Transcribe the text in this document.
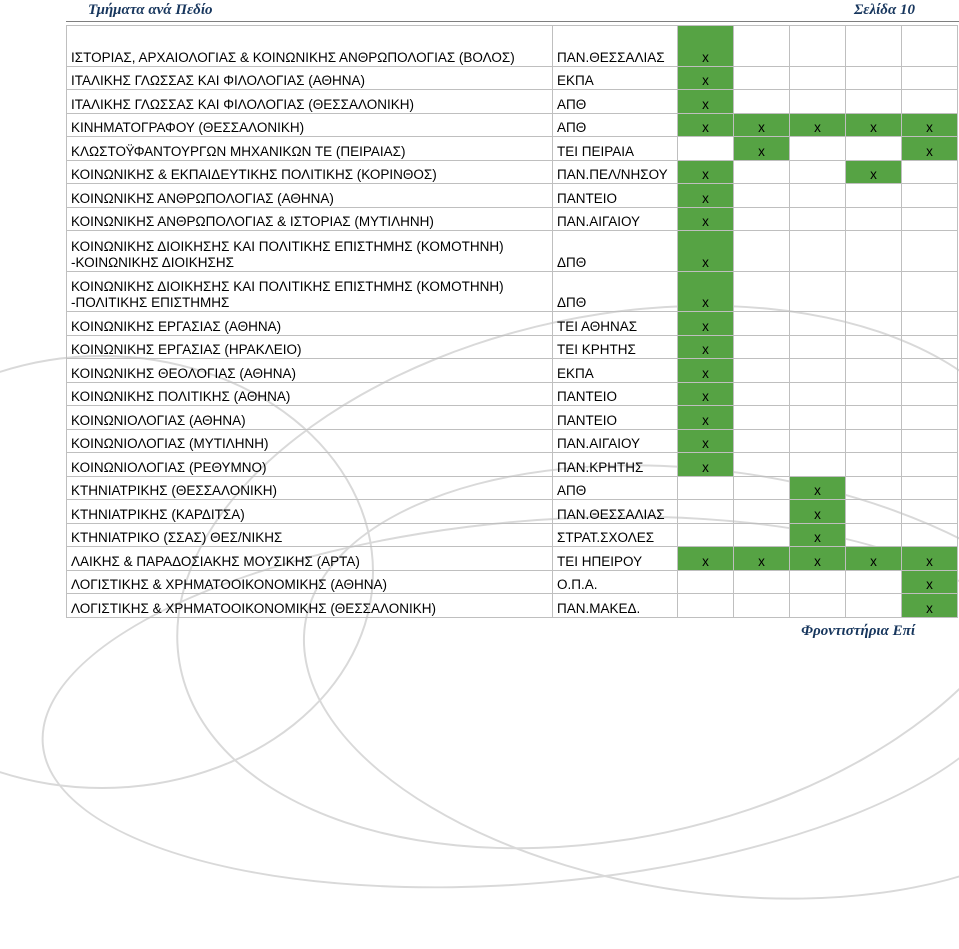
Τμήματα ανά Πεδίο	Σελίδα 10
ΙΣΤΟΡΙΑΣ, ΑΡΧΑΙΟΛΟΓΙΑΣ & ΚΟΙΝΩΝΙΚΗΣ ΑΝΘΡΩΠΟΛΟΓΙΑΣ (ΒΟΛΟΣ)	ΠΑΝ.ΘΕΣΣΑΛΙΑΣ	x				
ΙΤΑΛΙΚΗΣ ΓΛΩΣΣΑΣ ΚΑΙ ΦΙΛΟΛΟΓΙΑΣ (ΑΘΗΝΑ)	ΕΚΠΑ	x				
ΙΤΑΛΙΚΗΣ ΓΛΩΣΣΑΣ ΚΑΙ ΦΙΛΟΛΟΓΙΑΣ (ΘΕΣΣΑΛΟΝΙΚΗ)	ΑΠΘ	x				
ΚΙΝΗΜΑΤΟΓΡΑΦΟΥ (ΘΕΣΣΑΛΟΝΙΚΗ)	ΑΠΘ	x	x	x	x	x
ΚΛΩΣΤΟΫΦΑΝΤΟΥΡΓΩΝ ΜΗΧΑΝΙΚΩΝ ΤΕ (ΠΕΙΡΑΙΑΣ)	ΤΕΙ ΠΕΙΡΑΙΑ		x			x
ΚΟΙΝΩΝΙΚΗΣ & ΕΚΠΑΙΔΕΥΤΙΚΗΣ ΠΟΛΙΤΙΚΗΣ (ΚΟΡΙΝΘΟΣ)	ΠΑΝ.ΠΕΛ/ΝΗΣΟΥ	x			x	
ΚΟΙΝΩΝΙΚΗΣ ΑΝΘΡΩΠΟΛΟΓΙΑΣ (ΑΘΗΝΑ)	ΠΑΝΤΕΙΟ	x				
ΚΟΙΝΩΝΙΚΗΣ ΑΝΘΡΩΠΟΛΟΓΙΑΣ & ΙΣΤΟΡΙΑΣ (ΜΥΤΙΛΗΝΗ)	ΠΑΝ.ΑΙΓΑΙΟΥ	x				
ΚΟΙΝΩΝΙΚΗΣ ΔΙΟΙΚΗΣΗΣ ΚΑΙ ΠΟΛΙΤΙΚΗΣ ΕΠΙΣΤΗΜΗΣ (ΚΟΜΟΤΗΝΗ) -ΚΟΙΝΩΝΙΚΗΣ ΔΙΟΙΚΗΣΗΣ	ΔΠΘ	x				
ΚΟΙΝΩΝΙΚΗΣ ΔΙΟΙΚΗΣΗΣ ΚΑΙ ΠΟΛΙΤΙΚΗΣ ΕΠΙΣΤΗΜΗΣ (ΚΟΜΟΤΗΝΗ) -ΠΟΛΙΤΙΚΗΣ ΕΠΙΣΤΗΜΗΣ	ΔΠΘ	x				
ΚΟΙΝΩΝΙΚΗΣ ΕΡΓΑΣΙΑΣ (ΑΘΗΝΑ)	ΤΕΙ ΑΘΗΝΑΣ	x				
ΚΟΙΝΩΝΙΚΗΣ ΕΡΓΑΣΙΑΣ (ΗΡΑΚΛΕΙΟ)	ΤΕΙ ΚΡΗΤΗΣ	x				
ΚΟΙΝΩΝΙΚΗΣ ΘΕΟΛΟΓΙΑΣ (ΑΘΗΝΑ)	ΕΚΠΑ	x				
ΚΟΙΝΩΝΙΚΗΣ ΠΟΛΙΤΙΚΗΣ (ΑΘΗΝΑ)	ΠΑΝΤΕΙΟ	x				
ΚΟΙΝΩΝΙΟΛΟΓΙΑΣ (ΑΘΗΝΑ)	ΠΑΝΤΕΙΟ	x				
ΚΟΙΝΩΝΙΟΛΟΓΙΑΣ (ΜΥΤΙΛΗΝΗ)	ΠΑΝ.ΑΙΓΑΙΟΥ	x				
ΚΟΙΝΩΝΙΟΛΟΓΙΑΣ (ΡΕΘΥΜΝΟ)	ΠΑΝ.ΚΡΗΤΗΣ	x				
ΚΤΗΝΙΑΤΡΙΚΗΣ (ΘΕΣΣΑΛΟΝΙΚΗ)	ΑΠΘ			x		
ΚΤΗΝΙΑΤΡΙΚΗΣ (ΚΑΡΔΙΤΣΑ)	ΠΑΝ.ΘΕΣΣΑΛΙΑΣ			x		
ΚΤΗΝΙΑΤΡΙΚΟ (ΣΣΑΣ) ΘΕΣ/ΝΙΚΗΣ	ΣΤΡΑΤ.ΣΧΟΛΕΣ			x		
ΛΑΙΚΗΣ & ΠΑΡΑΔΟΣΙΑΚΗΣ ΜΟΥΣΙΚΗΣ (ΑΡΤΑ)	ΤΕΙ ΗΠΕΙΡΟΥ	x	x	x	x	x
ΛΟΓΙΣΤΙΚΗΣ & ΧΡΗΜΑΤΟΟΙΚΟΝΟΜΙΚΗΣ (ΑΘΗΝΑ)	Ο.Π.Α.					x
ΛΟΓΙΣΤΙΚΗΣ & ΧΡΗΜΑΤΟΟΙΚΟΝΟΜΙΚΗΣ (ΘΕΣΣΑΛΟΝΙΚΗ)	ΠΑΝ.ΜΑΚΕΔ.					x
Φροντιστήρια Επί
